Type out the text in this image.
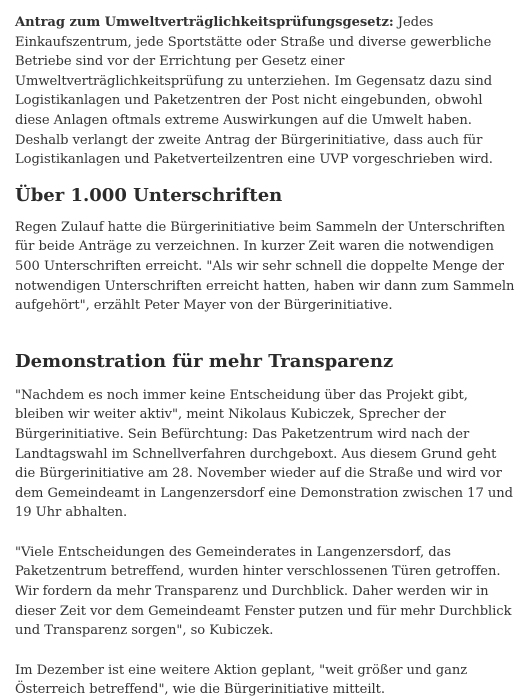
Antrag zum Umweltverträglichkeitsprüfungsgesetz: Jedes Einkaufszentrum, jede Sportstätte oder Straße und diverse gewerbliche Betriebe sind vor der Errichtung per Gesetz einer Umweltverträglichkeitsprüfung zu unterziehen. Im Gegensatz dazu sind Logistikanlagen und Paketzentren der Post nicht eingebunden, obwohl diese Anlagen oftmals extreme Auswirkungen auf die Umwelt haben. Deshalb verlangt der zweite Antrag der Bürgerinitiative, dass auch für Logistikanlagen und Paketverteilzentren eine UVP vorgeschrieben wird.

Über 1.000 Unterschriften

Regen Zulauf hatte die Bürgerinitiative beim Sammeln der Unterschriften für beide Anträge zu verzeichnen. In kurzer Zeit waren die notwendigen 500 Unterschriften erreicht. "Als wir sehr schnell die doppelte Menge der notwendigen Unterschriften erreicht hatten, haben wir dann zum Sammeln aufgehört", erzählt Peter Mayer von der Bürgerinitiative.

Demonstration für mehr Transparenz

"Nachdem es noch immer keine Entscheidung über das Projekt gibt, bleiben wir weiter aktiv", meint Nikolaus Kubiczek, Sprecher der Bürgerinitiative. Sein Befürchtung: Das Paketzentrum wird nach der Landtagswahl im Schnellverfahren durchgeboxt. Aus diesem Grund geht die Bürgerinitiative am 28. November wieder auf die Straße und wird vor dem Gemeindeamt in Langenzersdorf eine Demonstration zwischen 17 und 19 Uhr abhalten.

"Viele Entscheidungen des Gemeinderates in Langenzersdorf, das Paketzentrum betreffend, wurden hinter verschlossenen Türen getroffen. Wir fordern da mehr Transparenz und Durchblick. Daher werden wir in dieser Zeit vor dem Gemeindeamt Fenster putzen und für mehr Durchblick und Transparenz sorgen", so Kubiczek.

Im Dezember ist eine weitere Aktion geplant, "weit größer und ganz Österreich betreffend", wie die Bürgerinitiative mitteilt.
